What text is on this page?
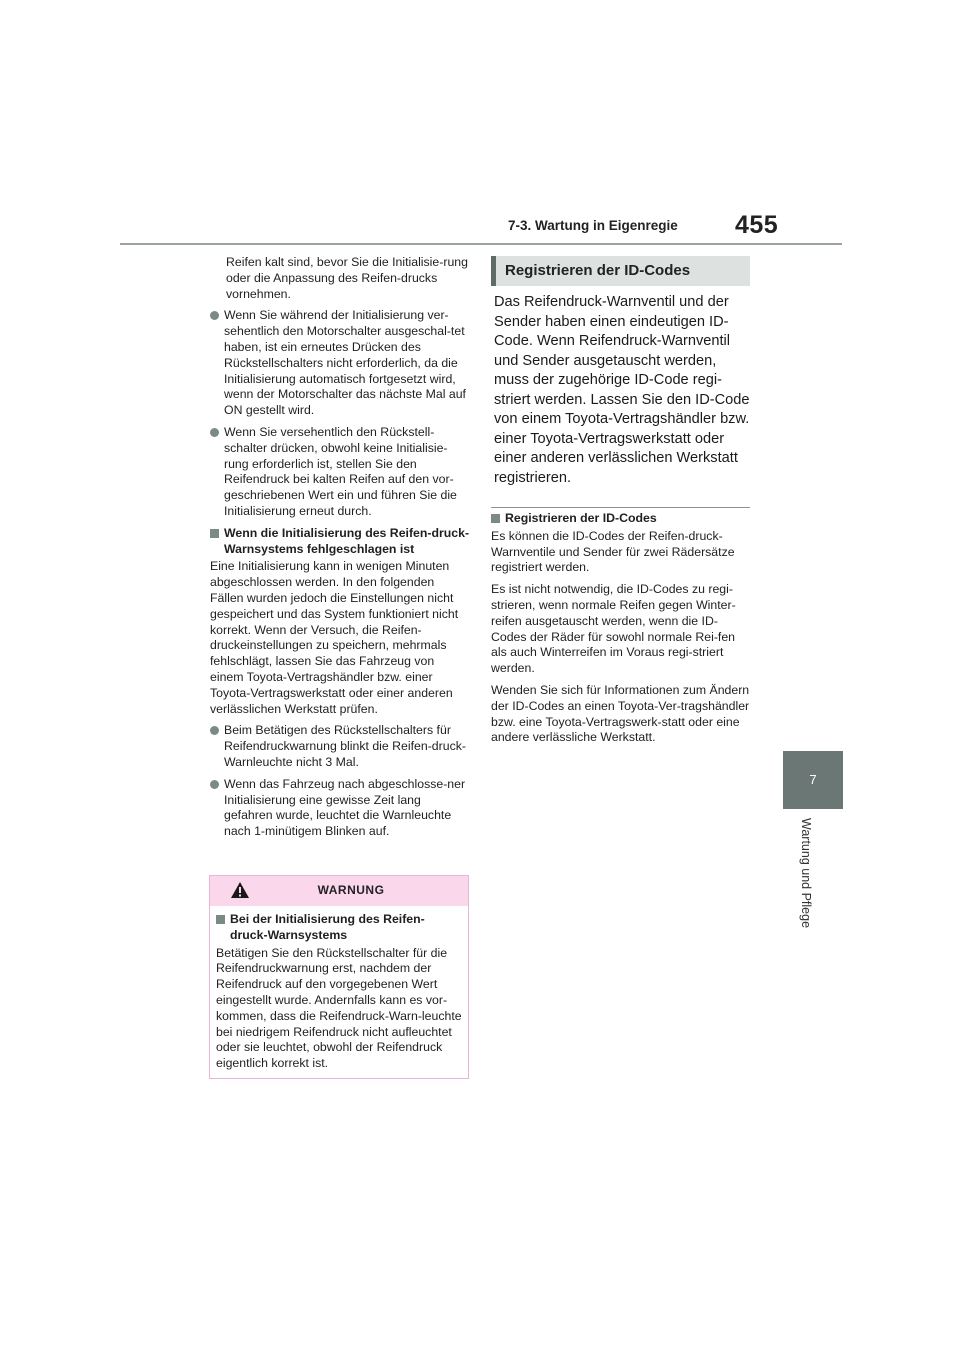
7-3. Wartung in Eigenregie 455
7
Wartung und Pflege

Reifen kalt sind, bevor Sie die Initialisie-rung oder die Anpassung des Reifen-drucks vornehmen.

Wenn Sie während der Initialisierung ver-sehentlich den Motorschalter ausgeschal-tet haben, ist ein erneutes Drücken des Rückstellschalters nicht erforderlich, da die Initialisierung automatisch fortgesetzt wird, wenn der Motorschalter das nächste Mal auf ON gestellt wird.
Wenn Sie versehentlich den Rückstell-schalter drücken, obwohl keine Initialisie-rung erforderlich ist, stellen Sie den Reifendruck bei kalten Reifen auf den vor-geschriebenen Wert ein und führen Sie die Initialisierung erneut durch.
Wenn die Initialisierung des Reifen-druck-Warnsystems fehlgeschlagen ist

Eine Initialisierung kann in wenigen Minuten abgeschlossen werden. In den folgenden Fällen wurden jedoch die Einstellungen nicht gespeichert und das System funktioniert nicht korrekt. Wenn der Versuch, die Reifen-druckeinstellungen zu speichern, mehrmals fehlschlägt, lassen Sie das Fahrzeug von einem Toyota-Vertragshändler bzw. einer Toyota-Vertragswerkstatt oder einer anderen verlässlichen Werkstatt prüfen.

Beim Betätigen des Rückstellschalters für Reifendruckwarnung blinkt die Reifen-druck-Warnleuchte nicht 3 Mal.
Wenn das Fahrzeug nach abgeschlosse-ner Initialisierung eine gewisse Zeit lang gefahren wurde, leuchtet die Warnleuchte nach 1-minütigem Blinken auf.
WARNUNG
Bei der Initialisierung des Reifen-druck-Warnsystems

Betätigen Sie den Rückstellschalter für die Reifendruckwarnung erst, nachdem der Reifendruck auf den vorgegebenen Wert eingestellt wurde. Andernfalls kann es vor-kommen, dass die Reifendruck-Warn-leuchte bei niedrigem Reifendruck nicht aufleuchtet oder sie leuchtet, obwohl der Reifendruck eigentlich korrekt ist.

Registrieren der ID-Codes
Das Reifendruck-Warnventil und der Sender haben einen eindeutigen ID-Code. Wenn Reifendruck-Warnventil und Sender ausgetauscht werden, muss der zugehörige ID-Code regi-striert werden. Lassen Sie den ID-Code von einem Toyota-Vertragshändler bzw. einer Toyota-Vertragswerkstatt oder einer anderen verlässlichen Werkstatt registrieren.
Registrieren der ID-Codes

Es können die ID-Codes der Reifen-druck-Warnventile und Sender für zwei Rädersätze registriert werden.

Es ist nicht notwendig, die ID-Codes zu regi-strieren, wenn normale Reifen gegen Winter-reifen ausgetauscht werden, wenn die ID-Codes der Räder für sowohl normale Rei-fen als auch Winterreifen im Voraus regi-striert werden.

Wenden Sie sich für Informationen zum Ändern der ID-Codes an einen Toyota-Ver-tragshändler bzw. eine Toyota-Vertragswerk-statt oder eine andere verlässliche Werkstatt.
